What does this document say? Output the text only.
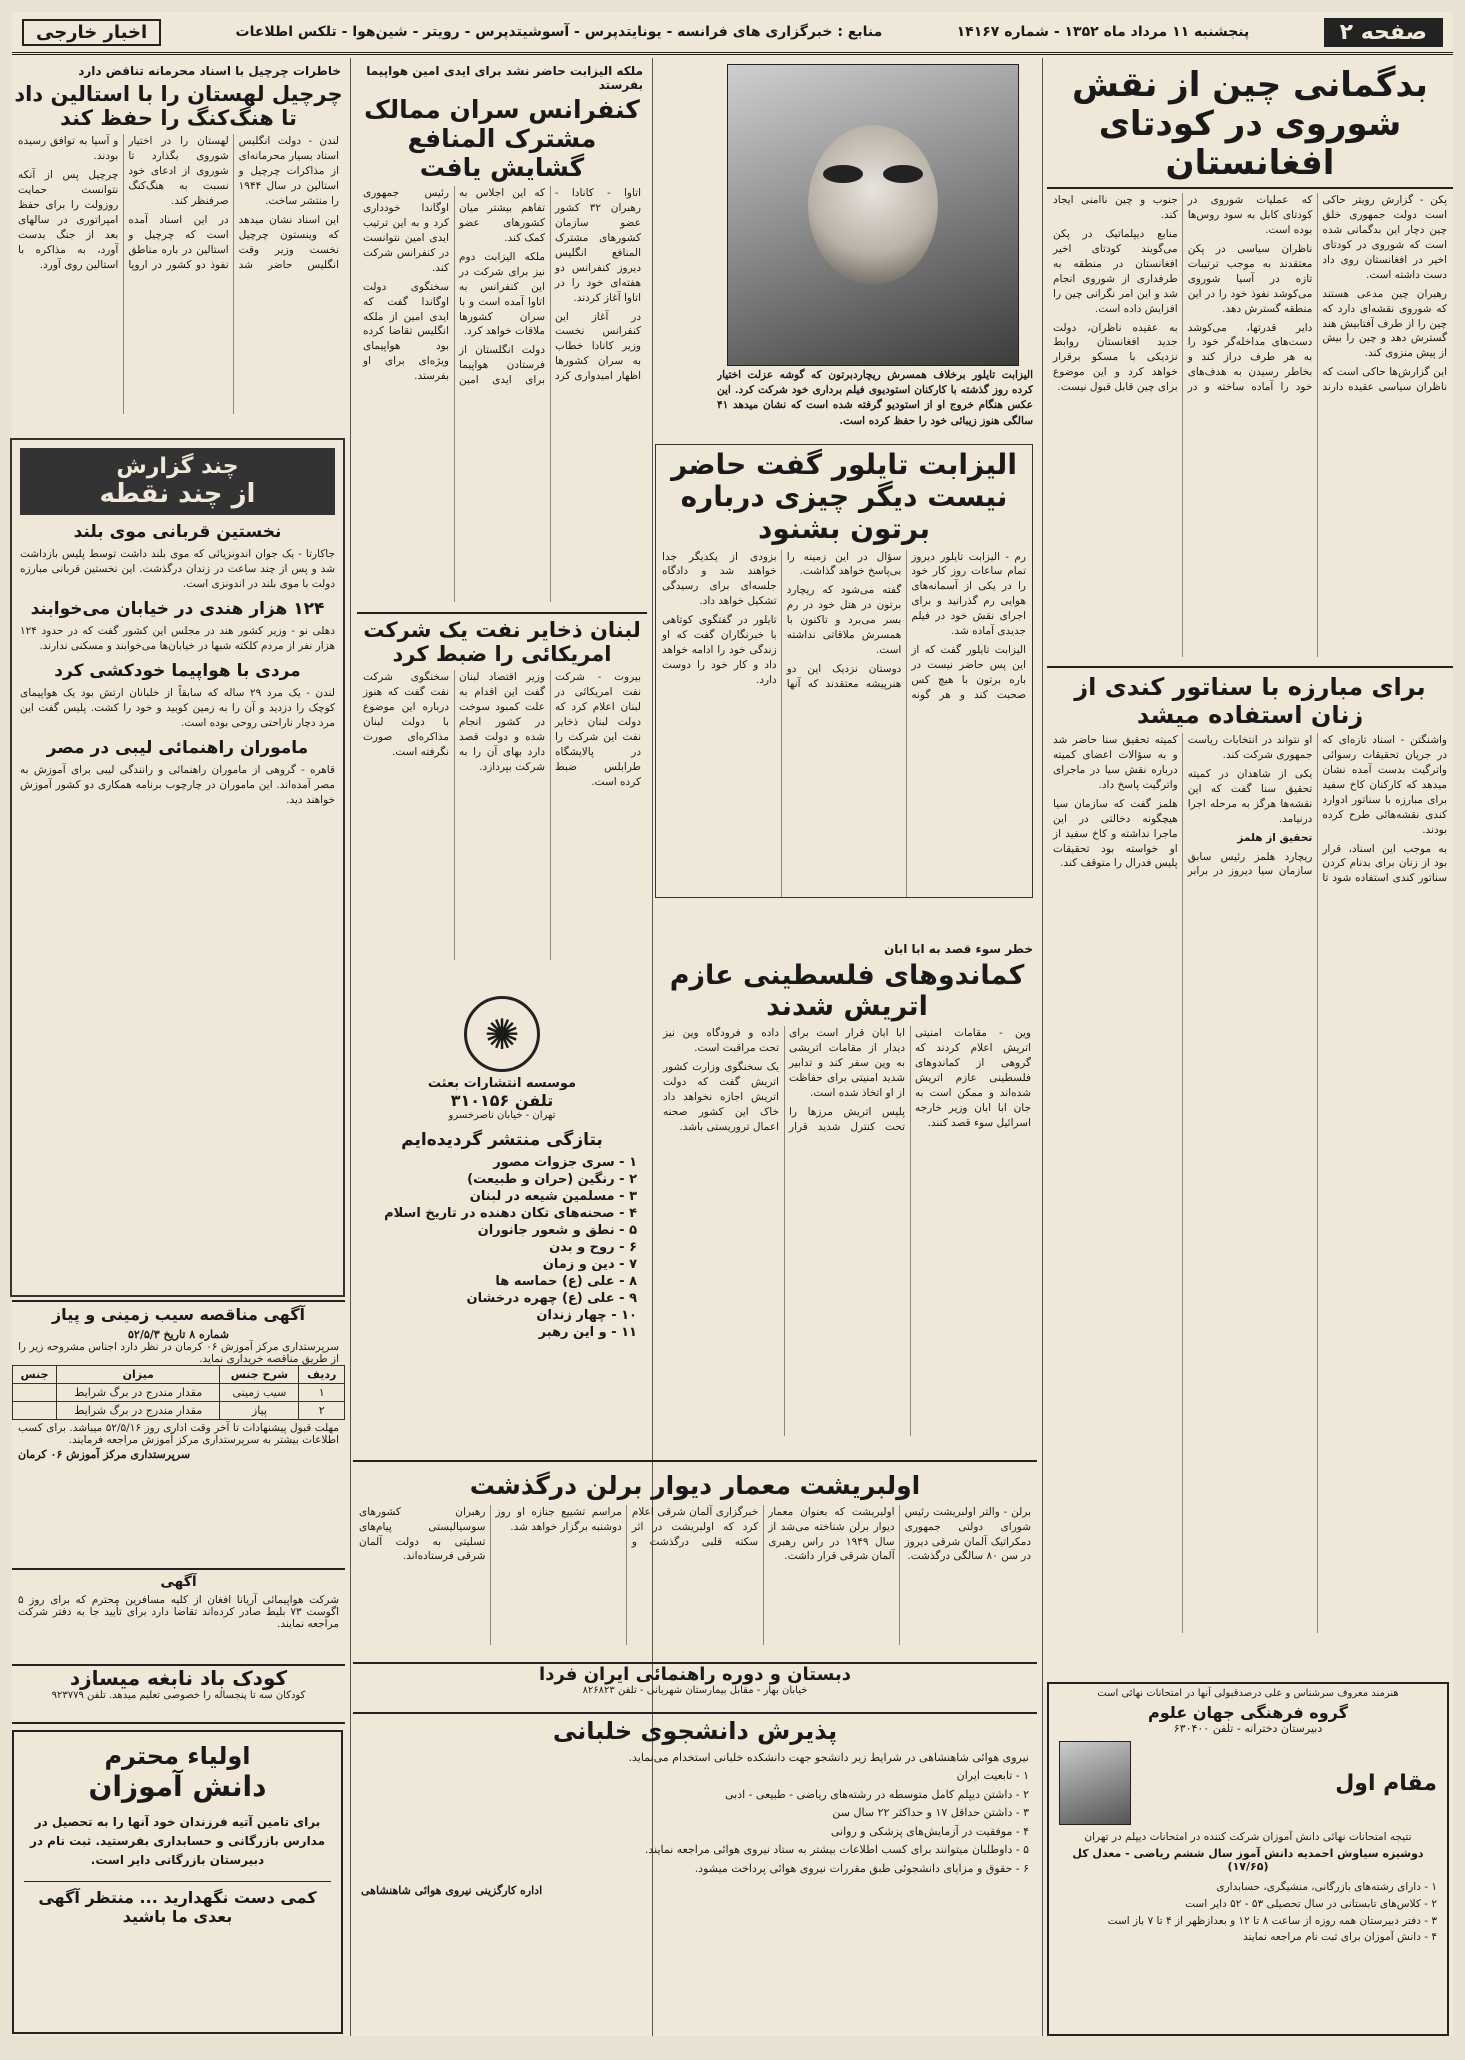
صفحه ۲
پنجشنبه ۱۱ مرداد ماه ۱۳۵۲ - شماره ۱۴۱۶۷
منابع : خبرگزاری های فرانسه - یونایتدپرس - آسوشیتدپرس - رویتر - شین‌هوا - تلکس اطلاعات
اخبار خارجی
بدگمانی چین از نقش شوروی در کودتای افغانستان

پکن - گزارش رویتر حاکی است دولت جمهوری خلق چین دچار این بدگمانی شده است که شوروی در کودتای اخیر در افغانستان روی داد دست داشته است.

رهبران چین مدعی هستند که شوروی نقشه‌ای دارد که چین را از طرف آفتابیش هند گسترش دهد و چین را بیش از پیش منزوی کند.

این گزارش‌ها حاکی است که ناظران سیاسی عقیده دارند که عملیات شوروی در کودتای کابل به سود روس‌ها بوده است.

ناظران سیاسی در پکن معتقدند به موجب ترتیبات تازه در آسیا شوروی می‌کوشد نفوذ خود را در این منطقه گسترش دهد.

دایر قدرتها، می‌کوشد دست‌های مداخله‌گر خود را به هر طرف دراز کند و بخاطر رسیدن به هدف‌های خود را آماده ساخته و در جنوب و چین ناامنی ایجاد کند.

منابع دیپلماتیک در پکن می‌گویند کودتای اخیر افغانستان در منطقه به طرفداری از شوروی انجام شد و این امر نگرانی چین را افزایش داده است.

به عقیده ناظران، دولت جدید افغانستان روابط نزدیکی با مسکو برقرار خواهد کرد و این موضوع برای چین قابل قبول نیست.

الیزابت تایلور برخلاف همسرش ریچاردبرتون که گوشه عزلت اختیار کرده روز گذشته با کارکنان استودیوی فیلم برداری خود شرکت کرد. این عکس هنگام خروج او از استودیو گرفته شده است که نشان میدهد ۴۱ سالگی هنوز زیبائی خود را حفظ کرده است.
الیزابت تایلور گفت حاضر نیست دیگر چیزی درباره برتون بشنود

رم - الیزابت تایلور دیروز تمام ساعات روز کار خود را در یکی از آسمانه‌های هوایی رم گذرانید و برای اجرای نقش خود در فیلم جدیدی آماده شد.

الیزابت تایلور گفت که از این پس حاضر نیست در باره برتون با هیچ کس صحبت کند و هر گونه سؤال در این زمینه را بی‌پاسخ خواهد گذاشت.

گفته می‌شود که ریچارد برتون در هتل خود در رم بسر می‌برد و تاکنون با همسرش ملاقاتی نداشته است.

دوستان نزدیک این دو هنرپیشه معتقدند که آنها بزودی از یکدیگر جدا خواهند شد و دادگاه جلسه‌ای برای رسیدگی تشکیل خواهد داد.

تایلور در گفتگوی کوتاهی با خبرنگاران گفت که او زندگی خود را ادامه خواهد داد و کار خود را دوست دارد.	برای مبارزه با سناتور کندی از زنان استفاده میشد

واشنگتن - اسناد تازه‌ای که در جریان تحقیقات رسوائی واترگیت بدست آمده نشان میدهد که کارکنان کاخ سفید برای مبارزه با سناتور ادوارد کندی نقشه‌هائی طرح کرده بودند.

به موجب این اسناد، قرار بود از زنان برای بدنام کردن سناتور کندی استفاده شود تا او نتواند در انتخابات ریاست جمهوری شرکت کند.

یکی از شاهدان در کمیته تحقیق سنا گفت که این نقشه‌ها هرگز به مرحله اجرا درنیامد.

تحقیق از هلمز

ریچارد هلمز رئیس سابق سازمان سیا دیروز در برابر کمیته تحقیق سنا حاضر شد و به سؤالات اعضای کمیته درباره نقش سیا در ماجرای واترگیت پاسخ داد.

هلمز گفت که سازمان سیا هیچگونه دخالتی در این ماجرا نداشته و کاخ سفید از او خواسته بود تحقیقات پلیس فدرال را متوقف کند.

خطر سوء قصد به ابا ابان
کماندوهای فلسطینی عازم اتریش شدند

وین - مقامات امنیتی اتریش اعلام کردند که گروهی از کماندوهای فلسطینی عازم اتریش شده‌اند و ممکن است به جان ابا ابان وزیر خارجه اسرائیل سوء قصد کنند.

ابا ابان قرار است برای دیدار از مقامات اتریشی به وین سفر کند و تدابیر شدید امنیتی برای حفاظت از او اتخاذ شده است.

پلیس اتریش مرزها را تحت کنترل شدید قرار داده و فرودگاه وین نیز تحت مراقبت است.

یک سخنگوی وزارت کشور اتریش گفت که دولت اتریش اجازه نخواهد داد خاک این کشور صحنه اعمال تروریستی باشد.

ملکه الیزابت حاضر نشد برای ایدی امین هواپیما بفرستد
کنفرانس سران ممالک مشترک المنافع گشایش یافت

اتاوا - کانادا - رهبران ۳۲ کشور عضو سازمان کشورهای مشترک المنافع انگلیس دیروز کنفرانس دو هفته‌ای خود را در اتاوا آغاز کردند.

در آغاز این کنفرانس نخست وزیر کانادا خطاب به سران کشورها اظهار امیدواری کرد که این اجلاس به تفاهم بیشتر میان کشورهای عضو کمک کند.

ملکه الیزابت دوم نیز برای شرکت در این کنفرانس به اتاوا آمده است و با سران کشورها ملاقات خواهد کرد.

دولت انگلستان از فرستادن هواپیما برای ایدی امین رئیس جمهوری اوگاندا خودداری کرد و به این ترتیب ایدی امین نتوانست در کنفرانس شرکت کند.

سخنگوی دولت اوگاندا گفت که ایدی امین از ملکه انگلیس تقاضا کرده بود هواپیمای ویژه‌ای برای او بفرستد.

لبنان ذخایر نفت یک شرکت امریکائی را ضبط کرد

بیروت - شرکت نفت امریکائی در لبنان اعلام کرد که دولت لبنان ذخایر نفت این شرکت را در پالایشگاه طرابلس ضبط کرده است.

وزیر اقتصاد لبنان گفت این اقدام به علت کمبود سوخت در کشور انجام شده و دولت قصد دارد بهای آن را به شرکت بپردازد.

سخنگوی شرکت نفت گفت که هنوز درباره این موضوع با دولت لبنان مذاکره‌ای صورت نگرفته است.

خاطرات چرچیل با اسناد محرمانه تناقض دارد
چرچیل لهستان را با استالین داد تا هنگ‌کنگ را حفظ کند

لندن - دولت انگلیس اسناد بسیار محرمانه‌ای از مذاکرات چرچیل و استالین در سال ۱۹۴۴ را منتشر ساخت.

این اسناد نشان میدهد که وینستون چرچیل نخست وزیر وقت انگلیس حاضر شد لهستان را در اختیار شوروی بگذارد تا شوروی از ادعای خود نسبت به هنگ‌کنگ صرفنظر کند.

در این اسناد آمده است که چرچیل و استالین در باره مناطق نفوذ دو کشور در اروپا و آسیا به توافق رسیده بودند.

چرچیل پس از آنکه نتوانست حمایت روزولت را برای حفظ امپراتوری در سالهای بعد از جنگ بدست آورد، به مذاکره با استالین روی آورد.

چند گزارش
از چند نقطه
نخستین قربانی موی بلند

جاکارتا - یک جوان اندونزیائی که موی بلند داشت توسط پلیس بازداشت شد و پس از چند ساعت در زندان درگذشت. این نخستین قربانی مبارزه دولت با موی بلند در اندونزی است.

۱۲۴ هزار هندی در خیابان می‌خوابند

دهلی نو - وزیر کشور هند در مجلس این کشور گفت که در حدود ۱۲۴ هزار نفر از مردم کلکته شبها در خیابان‌ها می‌خوابند و مسکنی ندارند.

مردی با هواپیما خودکشی کرد

لندن - یک مرد ۲۹ ساله که سابقاً از خلبانان ارتش بود یک هواپیمای کوچک را دزدید و آن را به زمین کوبید و خود را کشت. پلیس گفت این مرد دچار ناراحتی روحی بوده است.

ماموران راهنمائی لیبی در مصر

قاهره - گروهی از ماموران راهنمائی و رانندگی لیبی برای آموزش به مصر آمده‌اند. این ماموران در چارچوب برنامه همکاری دو کشور آموزش خواهند دید.

✺
موسسه انتشارات بعثت
تلفن ۳۱۰۱۵۶
تهران - خیابان ناصرخسرو
بتازگی منتشر گردیده‌ایم
۱ - سری جزوات مصور
۲ - رنگین (حران و طبیعت)
۳ - مسلمین شیعه در لبنان
۴ - صحنه‌های تکان دهنده در تاریخ اسلام
۵ - نطق و شعور جانوران
۶ - روح و بدن
۷ - دین و زمان
۸ - علی (ع) حماسه ها
۹ - علی (ع) چهره درخشان
۱۰ - چهار زندان
۱۱ - و این رهبر
اولبریشت معمار دیوار برلن درگذشت

برلن - والتر اولبریشت رئیس شورای دولتی جمهوری دمکراتیک آلمان شرقی دیروز در سن ۸۰ سالگی درگذشت.

اولبریشت که بعنوان معمار دیوار برلن شناخته می‌شد از سال ۱۹۴۹ در راس رهبری آلمان شرقی قرار داشت.

خبرگزاری آلمان شرقی اعلام کرد که اولبریشت در اثر سکته قلبی درگذشت و مراسم تشییع جنازه او روز دوشنبه برگزار خواهد شد.

رهبران کشورهای سوسیالیستی پیام‌های تسلیتی به دولت آلمان شرقی فرستاده‌اند.

دبستان و دوره راهنمائی ایران فردا
خیابان بهار - مقابل بیمارستان شهربانی - تلفن ۸۲۶۸۲۳
پذیرش دانشجوی خلبانی

نیروی هوائی شاهنشاهی در شرایط زیر دانشجو جهت دانشکده خلبانی استخدام می‌نماید.

۱ - تابعیت ایران

۲ - داشتن دیپلم کامل متوسطه در رشته‌های ریاضی - طبیعی - ادبی

۳ - داشتن حداقل ۱۷ و حداکثر ۲۲ سال سن

۴ - موفقیت در آزمایش‌های پزشکی و روانی

۵ - داوطلبان میتوانند برای کسب اطلاعات بیشتر به ستاد نیروی هوائی مراجعه نمایند.

۶ - حقوق و مزایای دانشجوئی طبق مقررات نیروی هوائی پرداخت میشود.

اداره کارگزینی نیروی هوائی شاهنشاهی

هنرمند معروف سرشناس و علی درصدقبولی آنها در امتحانات نهائی است
گروه فرهنگی جهان علوم
دبیرستان دخترانه - تلفن ۶۳۰۴۰۰
مقام اول
نتیجه امتحانات نهائی دانش آموزان شرکت کننده در امتحانات دیپلم در تهران
دوشیزه سیاوش احمدیه دانش آموز سال ششم ریاضی - معدل کل (۱۷/۶۵)
۱ - دارای رشته‌های بازرگانی، منشیگری، حسابداری
۲ - کلاس‌های تابستانی در سال تحصیلی ۵۳ - ۵۲ دایر است
۳ - دفتر دبیرستان همه روزه از ساعت ۸ تا ۱۲ و بعدازظهر از ۴ تا ۷ باز است
۴ - دانش آموزان برای ثبت نام مراجعه نمایند
آگهی مناقصه سیب زمینی و پیاز
شماره ۸ تاریخ ۵۲/۵/۳
سرپرستداری مرکز آموزش ۰۶ کرمان در نظر دارد اجناس مشروحه زیر را از طریق مناقصه خریداری نماید.
ردیف	شرح جنس	میزان	جنس
۱	سیب زمینی	مقدار مندرج در برگ شرایط	
۲	پیاز	مقدار مندرج در برگ شرایط	
مهلت قبول پیشنهادات تا آخر وقت اداری روز ۵۲/۵/۱۶ میباشد. برای کسب اطلاعات بیشتر به سرپرستداری مرکز آموزش مراجعه فرمایند.
سرپرستداری مرکز آموزش ۰۶ کرمان
آگهی
شرکت هواپیمائی آریانا افغان از کلیه مسافرین محترم که برای روز ۵ اگوست ۷۳ بلیط صادر کرده‌اند تقاضا دارد برای تأیید جا به دفتر شرکت مراجعه نمایند.
کودک باد نابغه میسازد
کودکان سه تا پنجساله را خصوصی تعلیم میدهد. تلفن ۹۲۳۷۷۹
اولیاء محترم
دانش آموزان
برای تامین آتیه فرزندان خود آنها را به تحصیل در مدارس بازرگانی و حسابداری بفرستید. ثبت نام در دبیرستان بازرگانی دایر است.
کمی دست نگهدارید ... منتظر آگهی بعدی ما باشید
